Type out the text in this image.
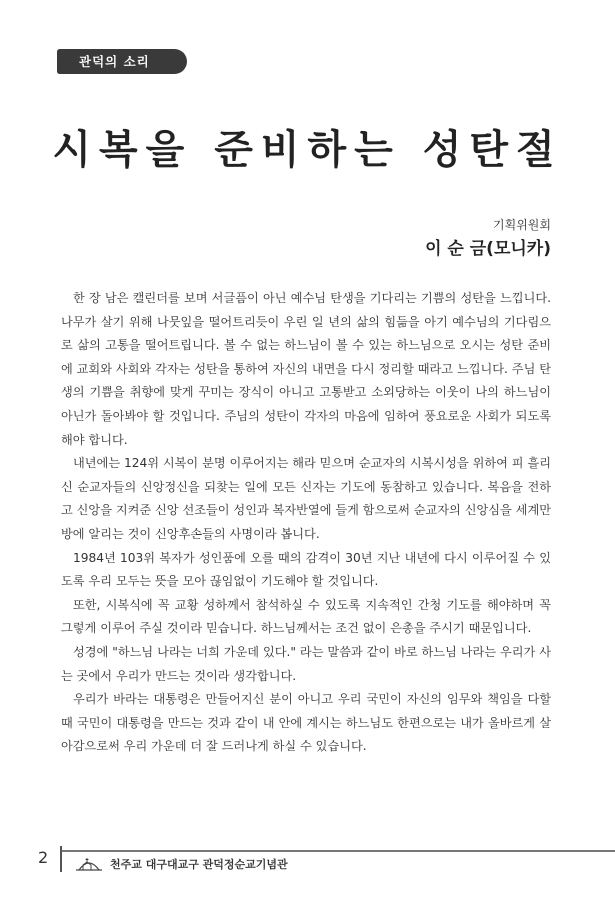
관덕의 소리
시복을 준비하는 성탄절
기획위원회
이 순 금(모니카)

한 장 남은 캘린더를 보며 서글픔이 아닌 예수님 탄생을 기다리는 기쁨의 성탄을 느낍니다. 나무가 살기 위해 나뭇잎을 떨어트리듯이 우린 일 년의 삶의 힘듦을 아기 예수님의 기다림으로 삶의 고통을 떨어트립니다. 볼 수 없는 하느님이 볼 수 있는 하느님으로 오시는 성탄 준비에 교회와 사회와 각자는 성탄을 통하여 자신의 내면을 다시 정리할 때라고 느낍니다. 주님 탄생의 기쁨을 취향에 맞게 꾸미는 장식이 아니고 고통받고 소외당하는 이웃이 나의 하느님이 아닌가 돌아봐야 할 것입니다. 주님의 성탄이 각자의 마음에 임하여 풍요로운 사회가 되도록 해야 합니다.

내년에는 124위 시복이 분명 이루어지는 해라 믿으며 순교자의 시복시성을 위하여 피 흘리신 순교자들의 신앙정신을 되찾는 일에 모든 신자는 기도에 동참하고 있습니다. 복음을 전하고 신앙을 지켜준 신앙 선조들이 성인과 복자반열에 들게 함으로써 순교자의 신앙심을 세계만방에 알리는 것이 신앙후손들의 사명이라 봅니다.

1984년 103위 복자가 성인품에 오를 때의 감격이 30년 지난 내년에 다시 이루어질 수 있도록 우리 모두는 뜻을 모아 끊임없이 기도해야 할 것입니다.

또한, 시복식에 꼭 교황 성하께서 참석하실 수 있도록 지속적인 간청 기도를 해야하며 꼭 그렇게 이루어 주실 것이라 믿습니다. 하느님께서는 조건 없이 은총을 주시기 때문입니다.

성경에 "하느님 나라는 너희 가운데 있다." 라는 말씀과 같이 바로 하느님 나라는 우리가 사는 곳에서 우리가 만드는 것이라 생각합니다.

우리가 바라는 대통령은 만들어지신 분이 아니고 우리 국민이 자신의 임무와 책임을 다할 때 국민이 대통령을 만드는 것과 같이 내 안에 계시는 하느님도 한편으로는 내가 올바르게 살아감으로써 우리 가운데 더 잘 드러나게 하실 수 있습니다.

2	천주교 대구대교구 관덕정순교기념관
